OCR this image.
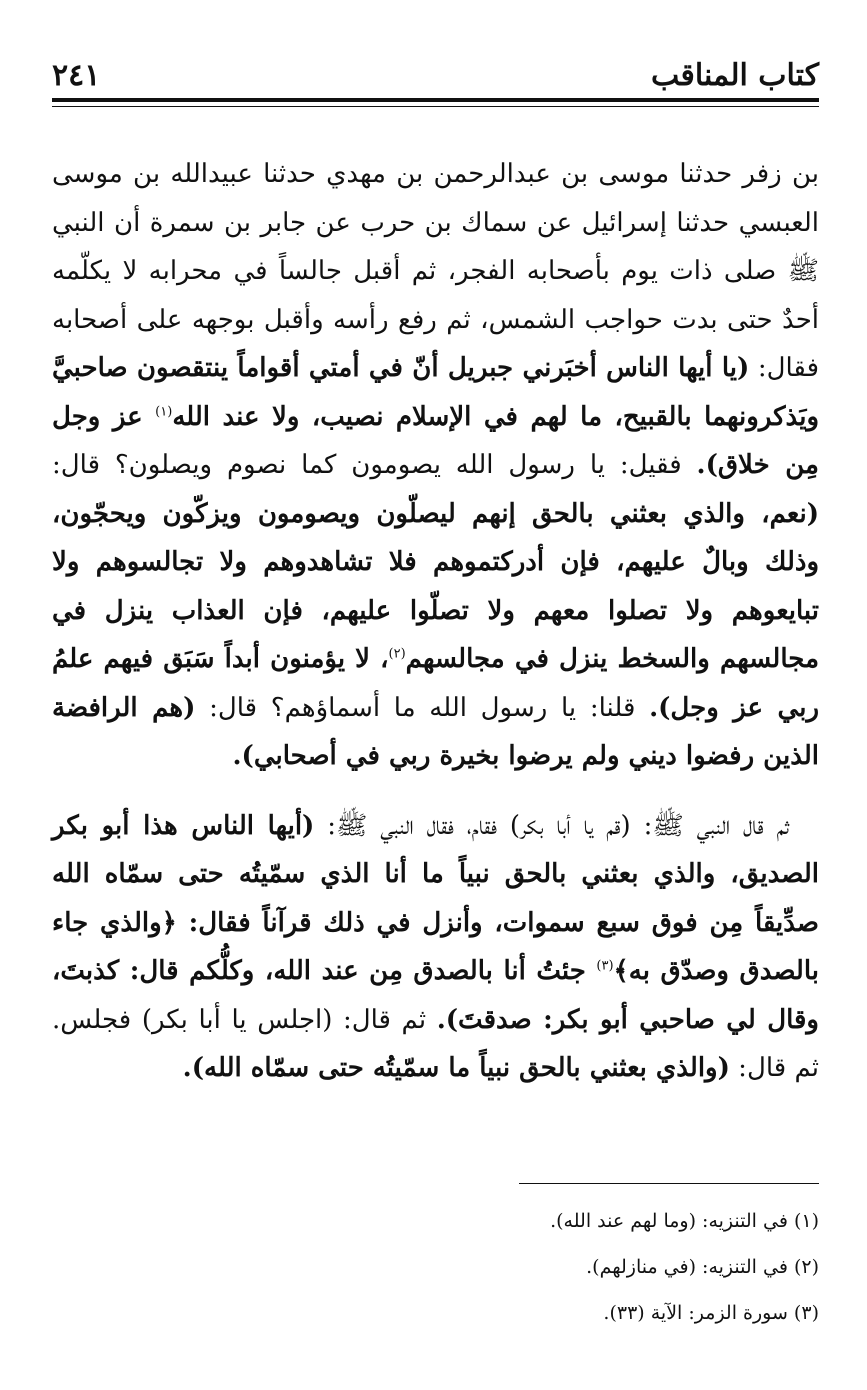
كتاب المناقب
٢٤١

بن زفر حدثنا موسى بن عبدالرحمن بن مهدي حدثنا عبيدالله بن موسى العبسي حدثنا إسرائيل عن سماك بن حرب عن جابر بن سمرة أن النبي ﷺ صلى ذات يوم بأصحابه الفجر، ثم أقبل جالساً في محرابه لا يكلّمه أحدٌ حتى بدت حواجب الشمس، ثم رفع رأسه وأقبل بوجهه على أصحابه فقال: (يا أيها الناس أخبَرني جبريل أنّ في أمتي أقواماً ينتقصون صاحبيَّ ويَذكرونهما بالقبيح، ما لهم في الإسلام نصيب، ولا عند الله$^{(١)}$ عز وجل مِن خلاق). فقيل: يا رسول الله يصومون كما نصوم ويصلون؟ قال: (نعم، والذي بعثني بالحق إنهم ليصلّون ويصومون ويزكّون ويحجّون، وذلك وبالٌ عليهم، فإن أدركتموهم فلا تشاهدوهم ولا تجالسوهم ولا تبايعوهم ولا تصلوا معهم ولا تصلّوا عليهم، فإن العذاب ينزل في مجالسهم والسخط ينزل في مجالسهم$^{(٢)}$، لا يؤمنون أبداً سَبَق فيهم علمُ ربي عز وجل). قلنا: يا رسول الله ما أسماؤهم؟ قال: (هم الرافضة الذين رفضوا ديني ولم يرضوا بخيرة ربي في أصحابي).

ثم قال النبي ﷺ: (قم يا أبا بكر) فقام، فقال النبي ﷺ: (أيها الناس هذا أبو بكر الصديق، والذي بعثني بالحق نبياً ما أنا الذي سمّيتُه حتى سمّاه الله صدِّيقاً مِن فوق سبع سموات، وأنزل في ذلك قرآناً فقال: ﴿والذي جاء بالصدق وصدّق به﴾$^{(٣)}$ جئتُ أنا بالصدق مِن عند الله، وكلُّكم قال: كذبتَ، وقال لي صاحبي أبو بكر: صدقتَ). ثم قال: (اجلس يا أبا بكر) فجلس. ثم قال: (والذي بعثني بالحق نبياً ما سمّيتُه حتى سمّاه الله).

(١) في التنزيه: (وما لهم عند الله).
(٢) في التنزيه: (في منازلهم).
(٣) سورة الزمر: الآية (٣٣).
